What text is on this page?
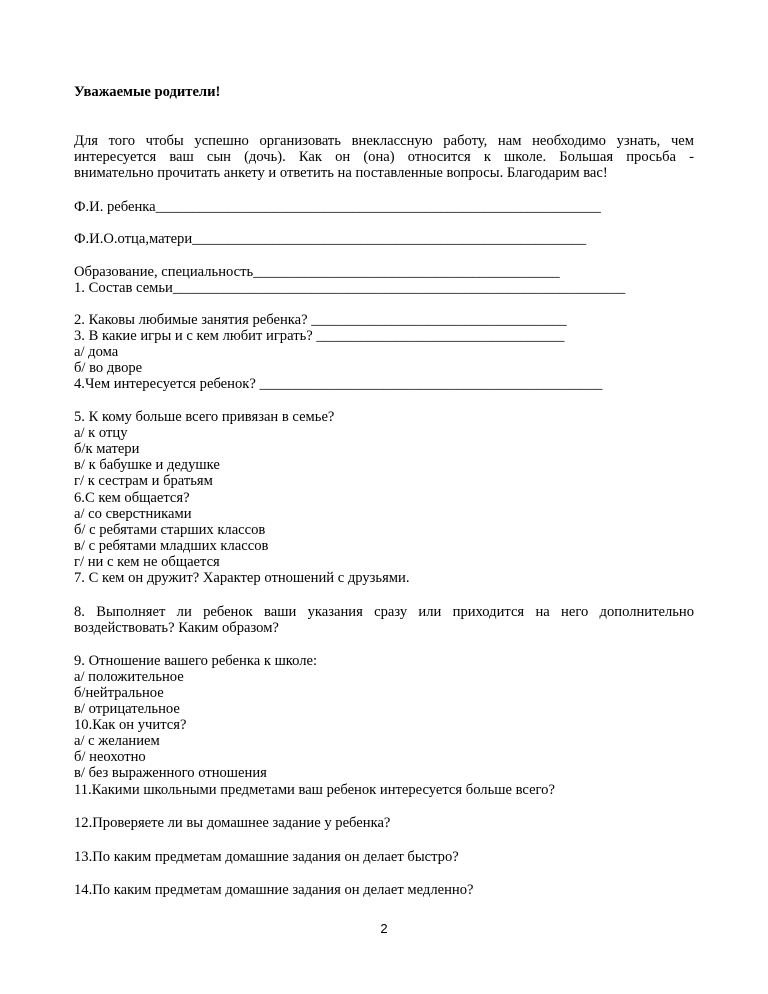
Уважаемые родители!
Для того чтобы успешно организовать внеклассную работу, нам необходимо узнать, чем
интересуется ваш сын (дочь). Как он (она) относится к школе. Большая просьба -
внимательно прочитать анкету и ответить на поставленные вопросы. Благодарим вас!
Ф.И. ребенка_____________________________________________________________
Ф.И.О.отца,матери______________________________________________________
Образование, специальность__________________________________________
1. Состав семьи______________________________________________________________
2. Каковы любимые занятия ребенка? ___________________________________
3. В какие игры и с кем любит играть? __________________________________
а/ дома
б/ во дворе
4.Чем интересуется ребенок? _______________________________________________
5. К кому больше всего привязан в семье?
а/ к отцу
б/к матери
в/ к бабушке и дедушке
г/ к сестрам и братьям
6.С кем общается?
а/ со сверстниками
б/ с ребятами старших классов
в/ с ребятами младших классов
г/ ни с кем не общается
7. С кем он дружит? Характер отношений с друзьями.
8. Выполняет ли ребенок ваши указания сразу или приходится на него дополнительно
воздействовать? Каким образом?
9. Отношение вашего ребенка к школе:
а/ положительное
б/нейтральное
в/ отрицательное
10.Как он учится?
а/ с желанием
б/ неохотно
в/ без выраженного отношения
11.Какими школьными предметами ваш ребенок интересуется больше всего?
12.Проверяете ли вы домашнее задание у ребенка?
13.По каким предметам домашние задания он делает быстро?
14.По каким предметам домашние задания он делает медленно?
2
